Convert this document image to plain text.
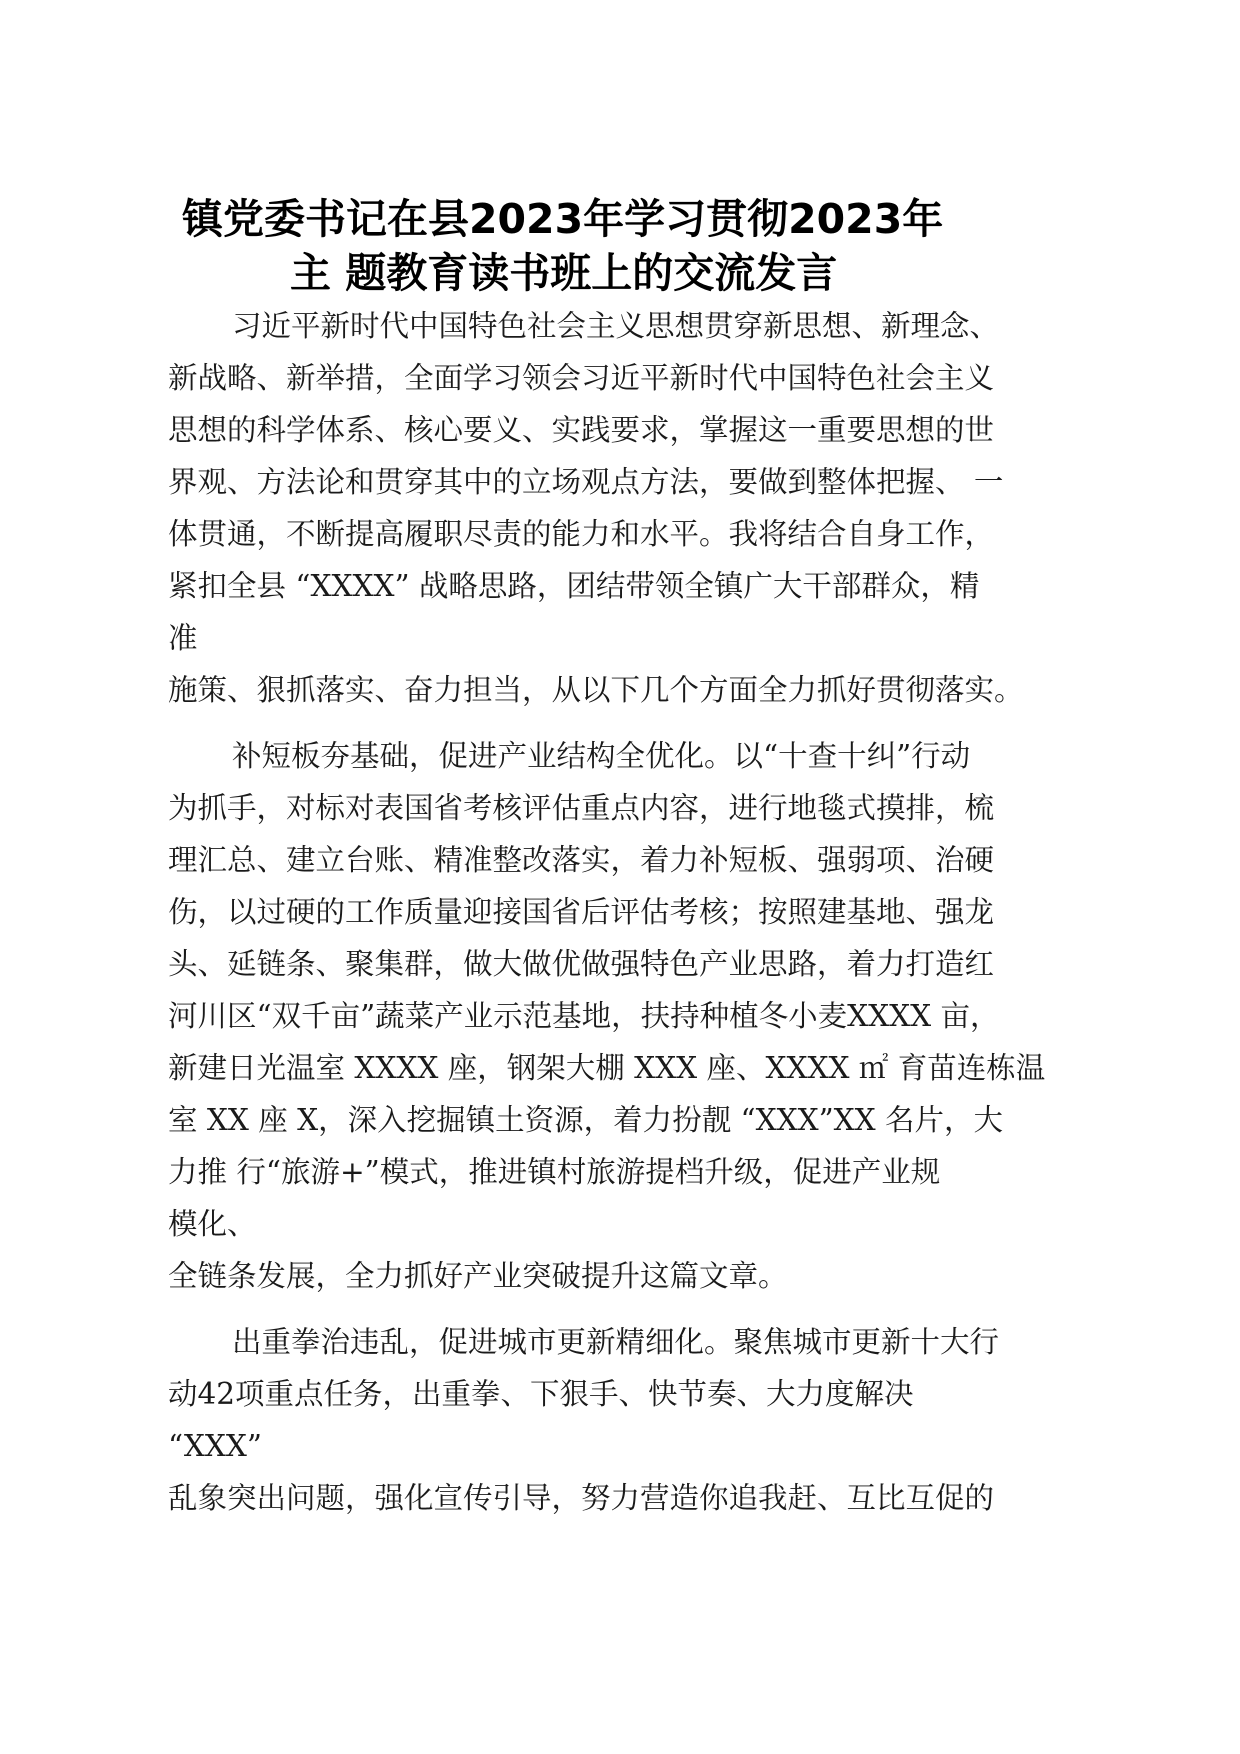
镇党委书记在县2023年学习贯彻2023年
主 题教育读书班上的交流发言
习近平新时代中国特色社会主义思想贯穿新思想、新理念、
新战略、新举措，全面学习领会习近平新时代中国特色社会主义
思想的科学体系、核心要义、实践要求，掌握这一重要思想的世
界观、方法论和贯穿其中的立场观点方法，要做到整体把握、 一
体贯通，不断提高履职尽责的能力和水平。我将结合自身工作，
紧扣全县 “XXXX” 战略思路，团结带领全镇广大干部群众，精
准
施策、狠抓落实、奋力担当，从以下几个方面全力抓好贯彻落实。
补短板夯基础，促进产业结构全优化。以“十查十纠”行动
为抓手，对标对表国省考核评估重点内容，进行地毯式摸排，梳
理汇总、建立台账、精准整改落实，着力补短板、强弱项、治硬
伤，以过硬的工作质量迎接国省后评估考核；按照建基地、强龙
头、延链条、聚集群，做大做优做强特色产业思路，着力打造红
河川区“双千亩”蔬菜产业示范基地，扶持种植冬小麦XXXX 亩，
新建日光温室 XXXX 座，钢架大棚 XXX 座、XXXX ㎡ 育苗连栋温
室 XX 座 X，深入挖掘镇土资源，着力扮靓 “XXX”XX 名片，大
力推 行“旅游+”模式，推进镇村旅游提档升级，促进产业规
模化、
全链条发展，全力抓好产业突破提升这篇文章。
出重拳治违乱，促进城市更新精细化。聚焦城市更新十大行
动42项重点任务，出重拳、下狠手、快节奏、大力度解决
“XXX”
乱象突出问题，强化宣传引导，努力营造你追我赶、互比互促的
